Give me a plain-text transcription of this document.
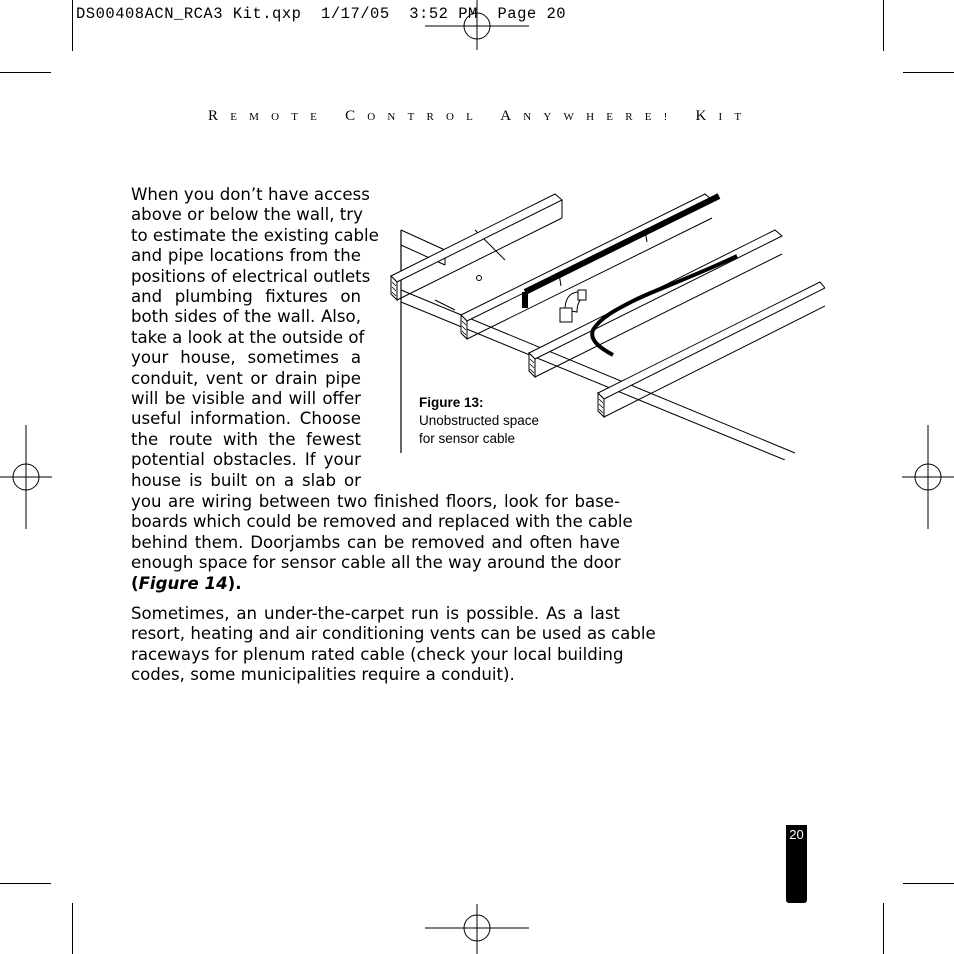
DS00408ACN_RCA3 Kit.qxp  1/17/05  3:52 PM  Page 20
REMOTE CONTROL ANYWHERE! KIT
When you don’t have access
above or below the wall, try
to estimate the existing cable
and pipe locations from the
positions of electrical outlets
and plumbing fixtures on
both sides of the wall. Also,
take a look at the outside of
your house, sometimes a
conduit, vent or drain pipe
will be visible and will offer
useful information. Choose
the route with the fewest
potential obstacles. If your
house is built on a slab or
you are wiring between two finished floors, look for base-
boards which could be removed and replaced with the cable
behind them. Doorjambs can be removed and often have
enough space for sensor cable all the way around the door
(Figure 14).
Sometimes, an under-the-carpet run is possible. As a last
resort, heating and air conditioning vents can be used as cable
raceways for plenum rated cable (check your local building
codes, some municipalities require a conduit).
Figure 13:
Unobstructed space
for sensor cable
20
